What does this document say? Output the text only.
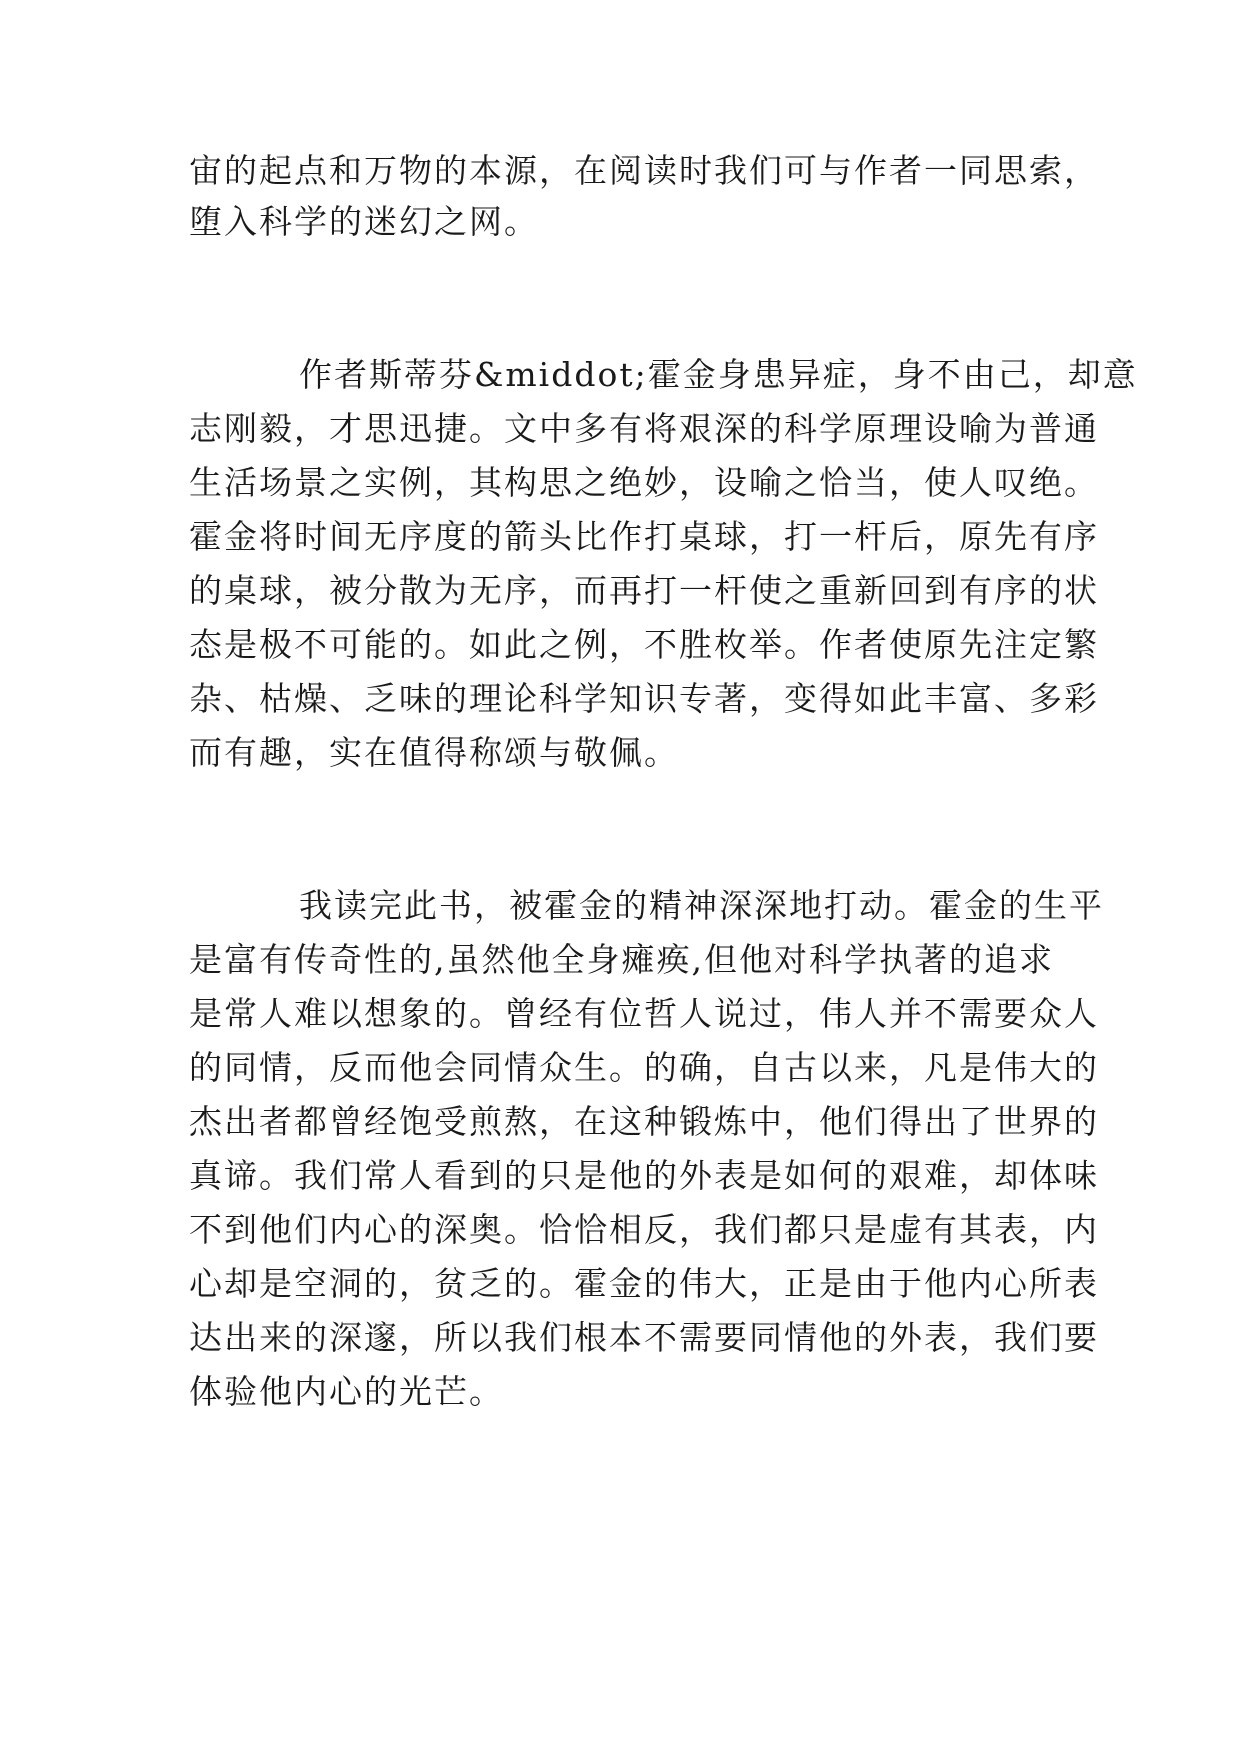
宙的起点和万物的本源，在阅读时我们可与作者一同思索，
堕入科学的迷幻之网。
作者斯蒂芬&middot;霍金身患异症，身不由己，却意
志刚毅，才思迅捷。文中多有将艰深的科学原理设喻为普通
生活场景之实例，其构思之绝妙，设喻之恰当，使人叹绝。
霍金将时间无序度的箭头比作打桌球，打一杆后，原先有序
的桌球，被分散为无序，而再打一杆使之重新回到有序的状
态是极不可能的。如此之例，不胜枚举。作者使原先注定繁
杂、枯燥、乏味的理论科学知识专著，变得如此丰富、多彩
而有趣，实在值得称颂与敬佩。
我读完此书，被霍金的精神深深地打动。霍金的生平
是富有传奇性的,虽然他全身瘫痪,但他对科学执著的追求
是常人难以想象的。曾经有位哲人说过，伟人并不需要众人
的同情，反而他会同情众生。的确，自古以来，凡是伟大的
杰出者都曾经饱受煎熬，在这种锻炼中，他们得出了世界的
真谛。我们常人看到的只是他的外表是如何的艰难，却体味
不到他们内心的深奥。恰恰相反，我们都只是虚有其表，内
心却是空洞的，贫乏的。霍金的伟大，正是由于他内心所表
达出来的深邃，所以我们根本不需要同情他的外表，我们要
体验他内心的光芒。
